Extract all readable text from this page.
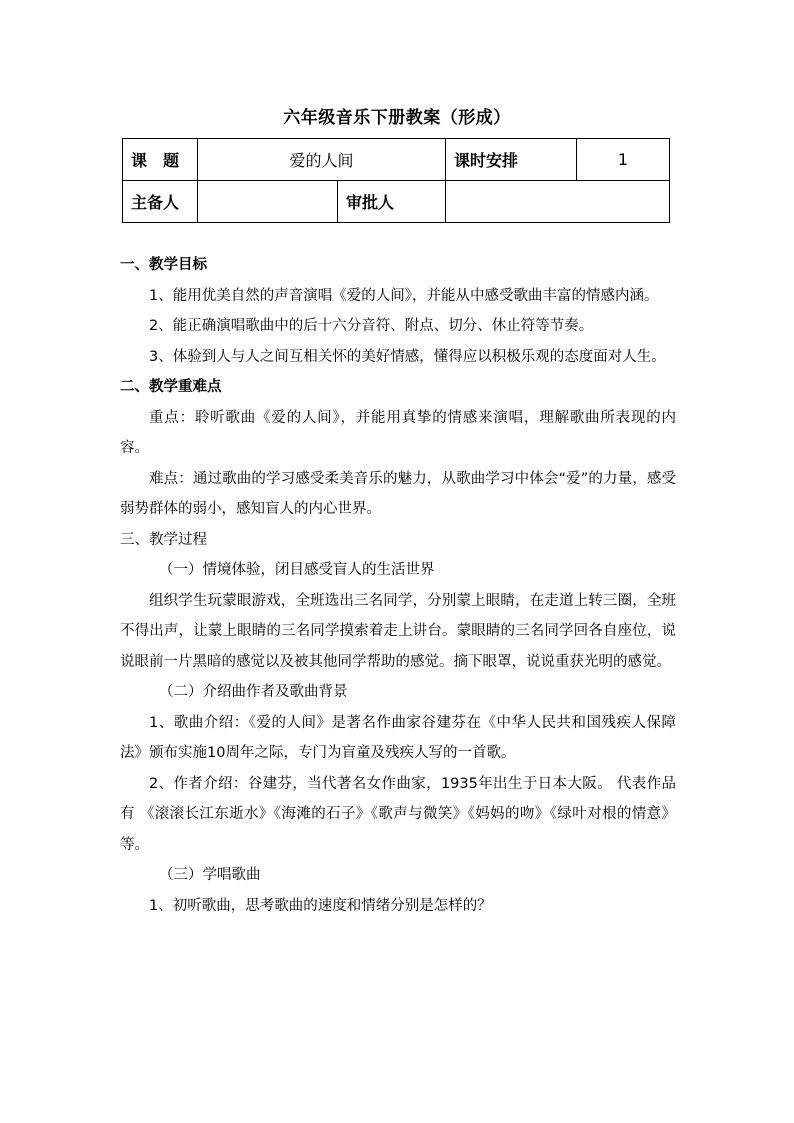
六年级音乐下册教案（形成）
课　题	爱的人间		课时安排	1
主备人		审批人		

一、教学目标

1、能用优美自然的声音演唱《爱的人间》，并能从中感受歌曲丰富的情感内涵。

2、能正确演唱歌曲中的后十六分音符、附点、切分、休止符等节奏。

3、体验到人与人之间互相关怀的美好情感，懂得应以积极乐观的态度面对人生。

二、教学重难点

重点：聆听歌曲《爱的人间》，并能用真挚的情感来演唱，理解歌曲所表现的内容。

难点：通过歌曲的学习感受柔美音乐的魅力，从歌曲学习中体会“爱”的力量，感受弱势群体的弱小，感知盲人的内心世界。

三、教学过程

（一）情境体验，闭目感受盲人的生活世界

组织学生玩蒙眼游戏，全班选出三名同学，分别蒙上眼睛，在走道上转三圈，全班不得出声，让蒙上眼睛的三名同学摸索着走上讲台。蒙眼睛的三名同学回各自座位，说说眼前一片黑暗的感觉以及被其他同学帮助的感觉。摘下眼罩，说说重获光明的感觉。

（二）介绍曲作者及歌曲背景

1、歌曲介绍：《爱的人间》是著名作曲家谷建芬在《中华人民共和国残疾人保障法》颁布实施10周年之际，专门为盲童及残疾人写的一首歌。

2、作者介绍：谷建芬，当代著名女作曲家，1935年出生于日本大阪。 代表作品有 《滚滚长江东逝水》《海滩的石子》《歌声与微笑》《妈妈的吻》《绿叶对根的情意》等。

（三）学唱歌曲

1、初听歌曲，思考歌曲的速度和情绪分别是怎样的？
